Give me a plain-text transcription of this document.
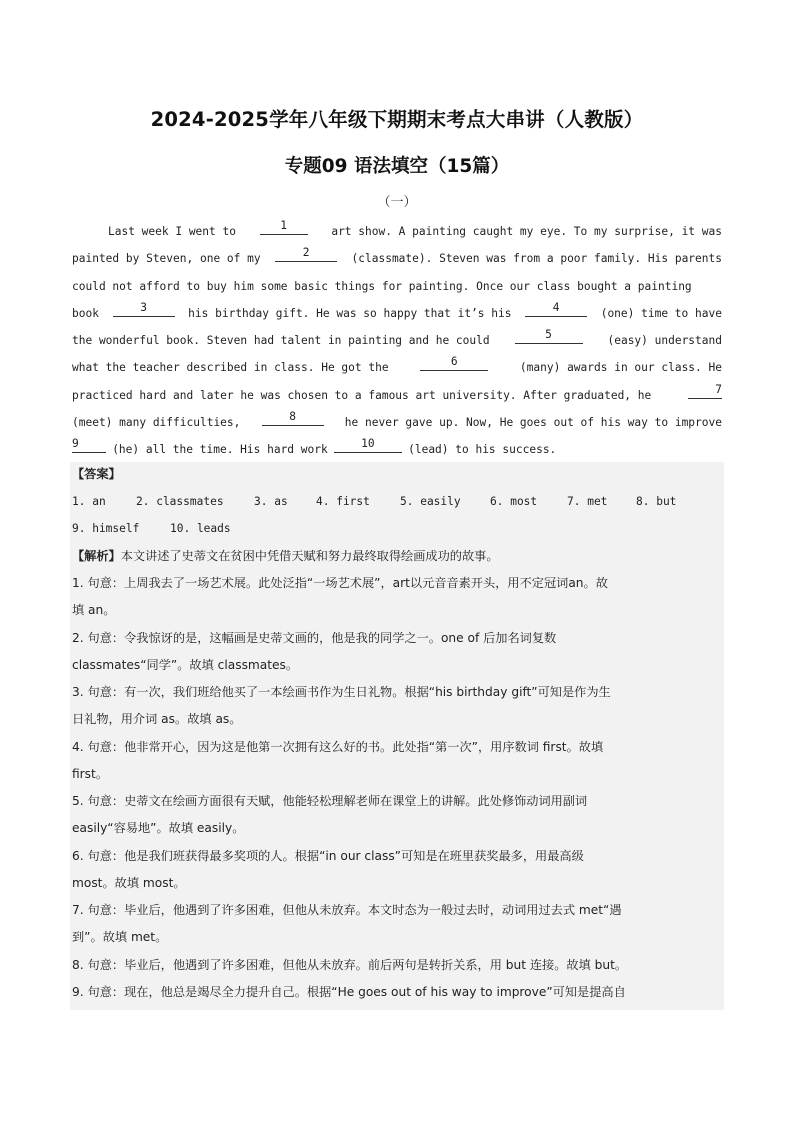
2024-2025学年八年级下期期末考点大串讲（人教版）
专题09 语法填空（15篇）
（一）
Last week I went to	1	art show. A painting caught my eye. To my surprise, it was
painted by Steven, one of my	2	(classmate). Steven was from a poor family. His parents
could not afford to buy him some basic things for painting. Once our class bought a painting
book	3	his birthday gift. He was so happy that it’s his	4	(one) time to have
the wonderful book. Steven had talent in painting and he could	5	(easy) understand
what the teacher described in class. He got the	6	(many) awards in our class. He
practiced hard and later he was chosen to a famous art university. After graduated, he	7
(meet) many difficulties,	8	he never gave up. Now, He goes out of his way to improve
9	(he) all the time. His hard work	10	(lead) to his success.
【答案】
1. an	2. classmates	3. as	4. first	5. easily	6. most	7. met	8. but
9. himself	10. leads
【解析】本文讲述了史蒂文在贫困中凭借天赋和努力最终取得绘画成功的故事。
1. 句意：上周我去了一场艺术展。此处泛指“一场艺术展”，art以元音音素开头，用不定冠词an。故
填 an。
2. 句意：令我惊讶的是，这幅画是史蒂文画的，他是我的同学之一。one of 后加名词复数
classmates“同学”。故填 classmates。
3. 句意：有一次，我们班给他买了一本绘画书作为生日礼物。根据“his birthday gift”可知是作为生
日礼物，用介词 as。故填 as。
4. 句意：他非常开心，因为这是他第一次拥有这么好的书。此处指“第一次”，用序数词 first。故填
first。
5. 句意：史蒂文在绘画方面很有天赋，他能轻松理解老师在课堂上的讲解。此处修饰动词用副词
easily“容易地”。故填 easily。
6. 句意：他是我们班获得最多奖项的人。根据“in our class”可知是在班里获奖最多，用最高级
most。故填 most。
7. 句意：毕业后，他遇到了许多困难，但他从未放弃。本文时态为一般过去时，动词用过去式 met“遇
到”。故填 met。
8. 句意：毕业后，他遇到了许多困难，但他从未放弃。前后两句是转折关系，用 but 连接。故填 but。
9. 句意：现在，他总是竭尽全力提升自己。根据“He goes out of his way to improve”可知是提高自
